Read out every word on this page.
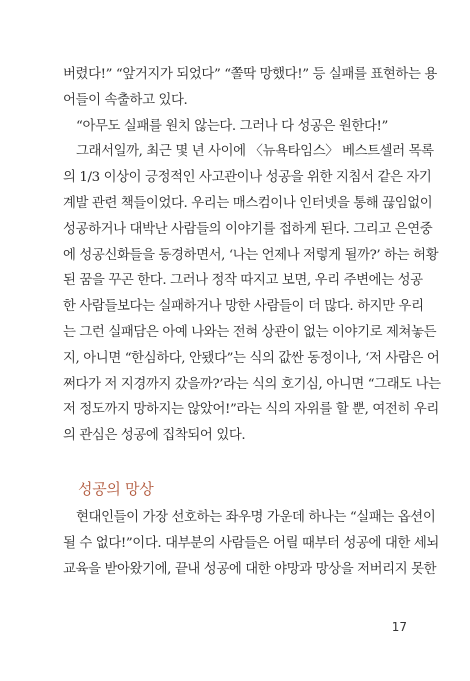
버렸다!” “앞거지가 되었다” “쫄딱 망했다!” 등 실패를 표현하는 용
어들이 속출하고 있다.
“아무도 실패를 원치 않는다. 그러나 다 성공은 원한다!”
그래서일까, 최근 몇 년 사이에 〈뉴욕타임스〉 베스트셀러 목록
의 1/3 이상이 긍정적인 사고관이나 성공을 위한 지침서 같은 자기
계발 관련 책들이었다. 우리는 매스컴이나 인터넷을 통해 끊임없이
성공하거나 대박난 사람들의 이야기를 접하게 된다. 그리고 은연중
에 성공신화들을 동경하면서, ‘나는 언제나 저렇게 될까?’ 하는 허황
된 꿈을 꾸곤 한다. 그러나 정작 따지고 보면, 우리 주변에는 성공
한 사람들보다는 실패하거나 망한 사람들이 더 많다. 하지만 우리
는 그런 실패담은 아예 나와는 전혀 상관이 없는 이야기로 제쳐놓든
지, 아니면 “한심하다, 안됐다”는 식의 값싼 동정이나, ‘저 사람은 어
쩌다가 저 지경까지 갔을까?’라는 식의 호기심, 아니면 “그래도 나는
저 정도까지 망하지는 않았어!”라는 식의 자위를 할 뿐, 여전히 우리
의 관심은 성공에 집착되어 있다.
성공의 망상
현대인들이 가장 선호하는 좌우명 가운데 하나는 “실패는 옵션이
될 수 없다!”이다. 대부분의 사람들은 어릴 때부터 성공에 대한 세뇌
교육을 받아왔기에, 끝내 성공에 대한 야망과 망상을 저버리지 못한
17
